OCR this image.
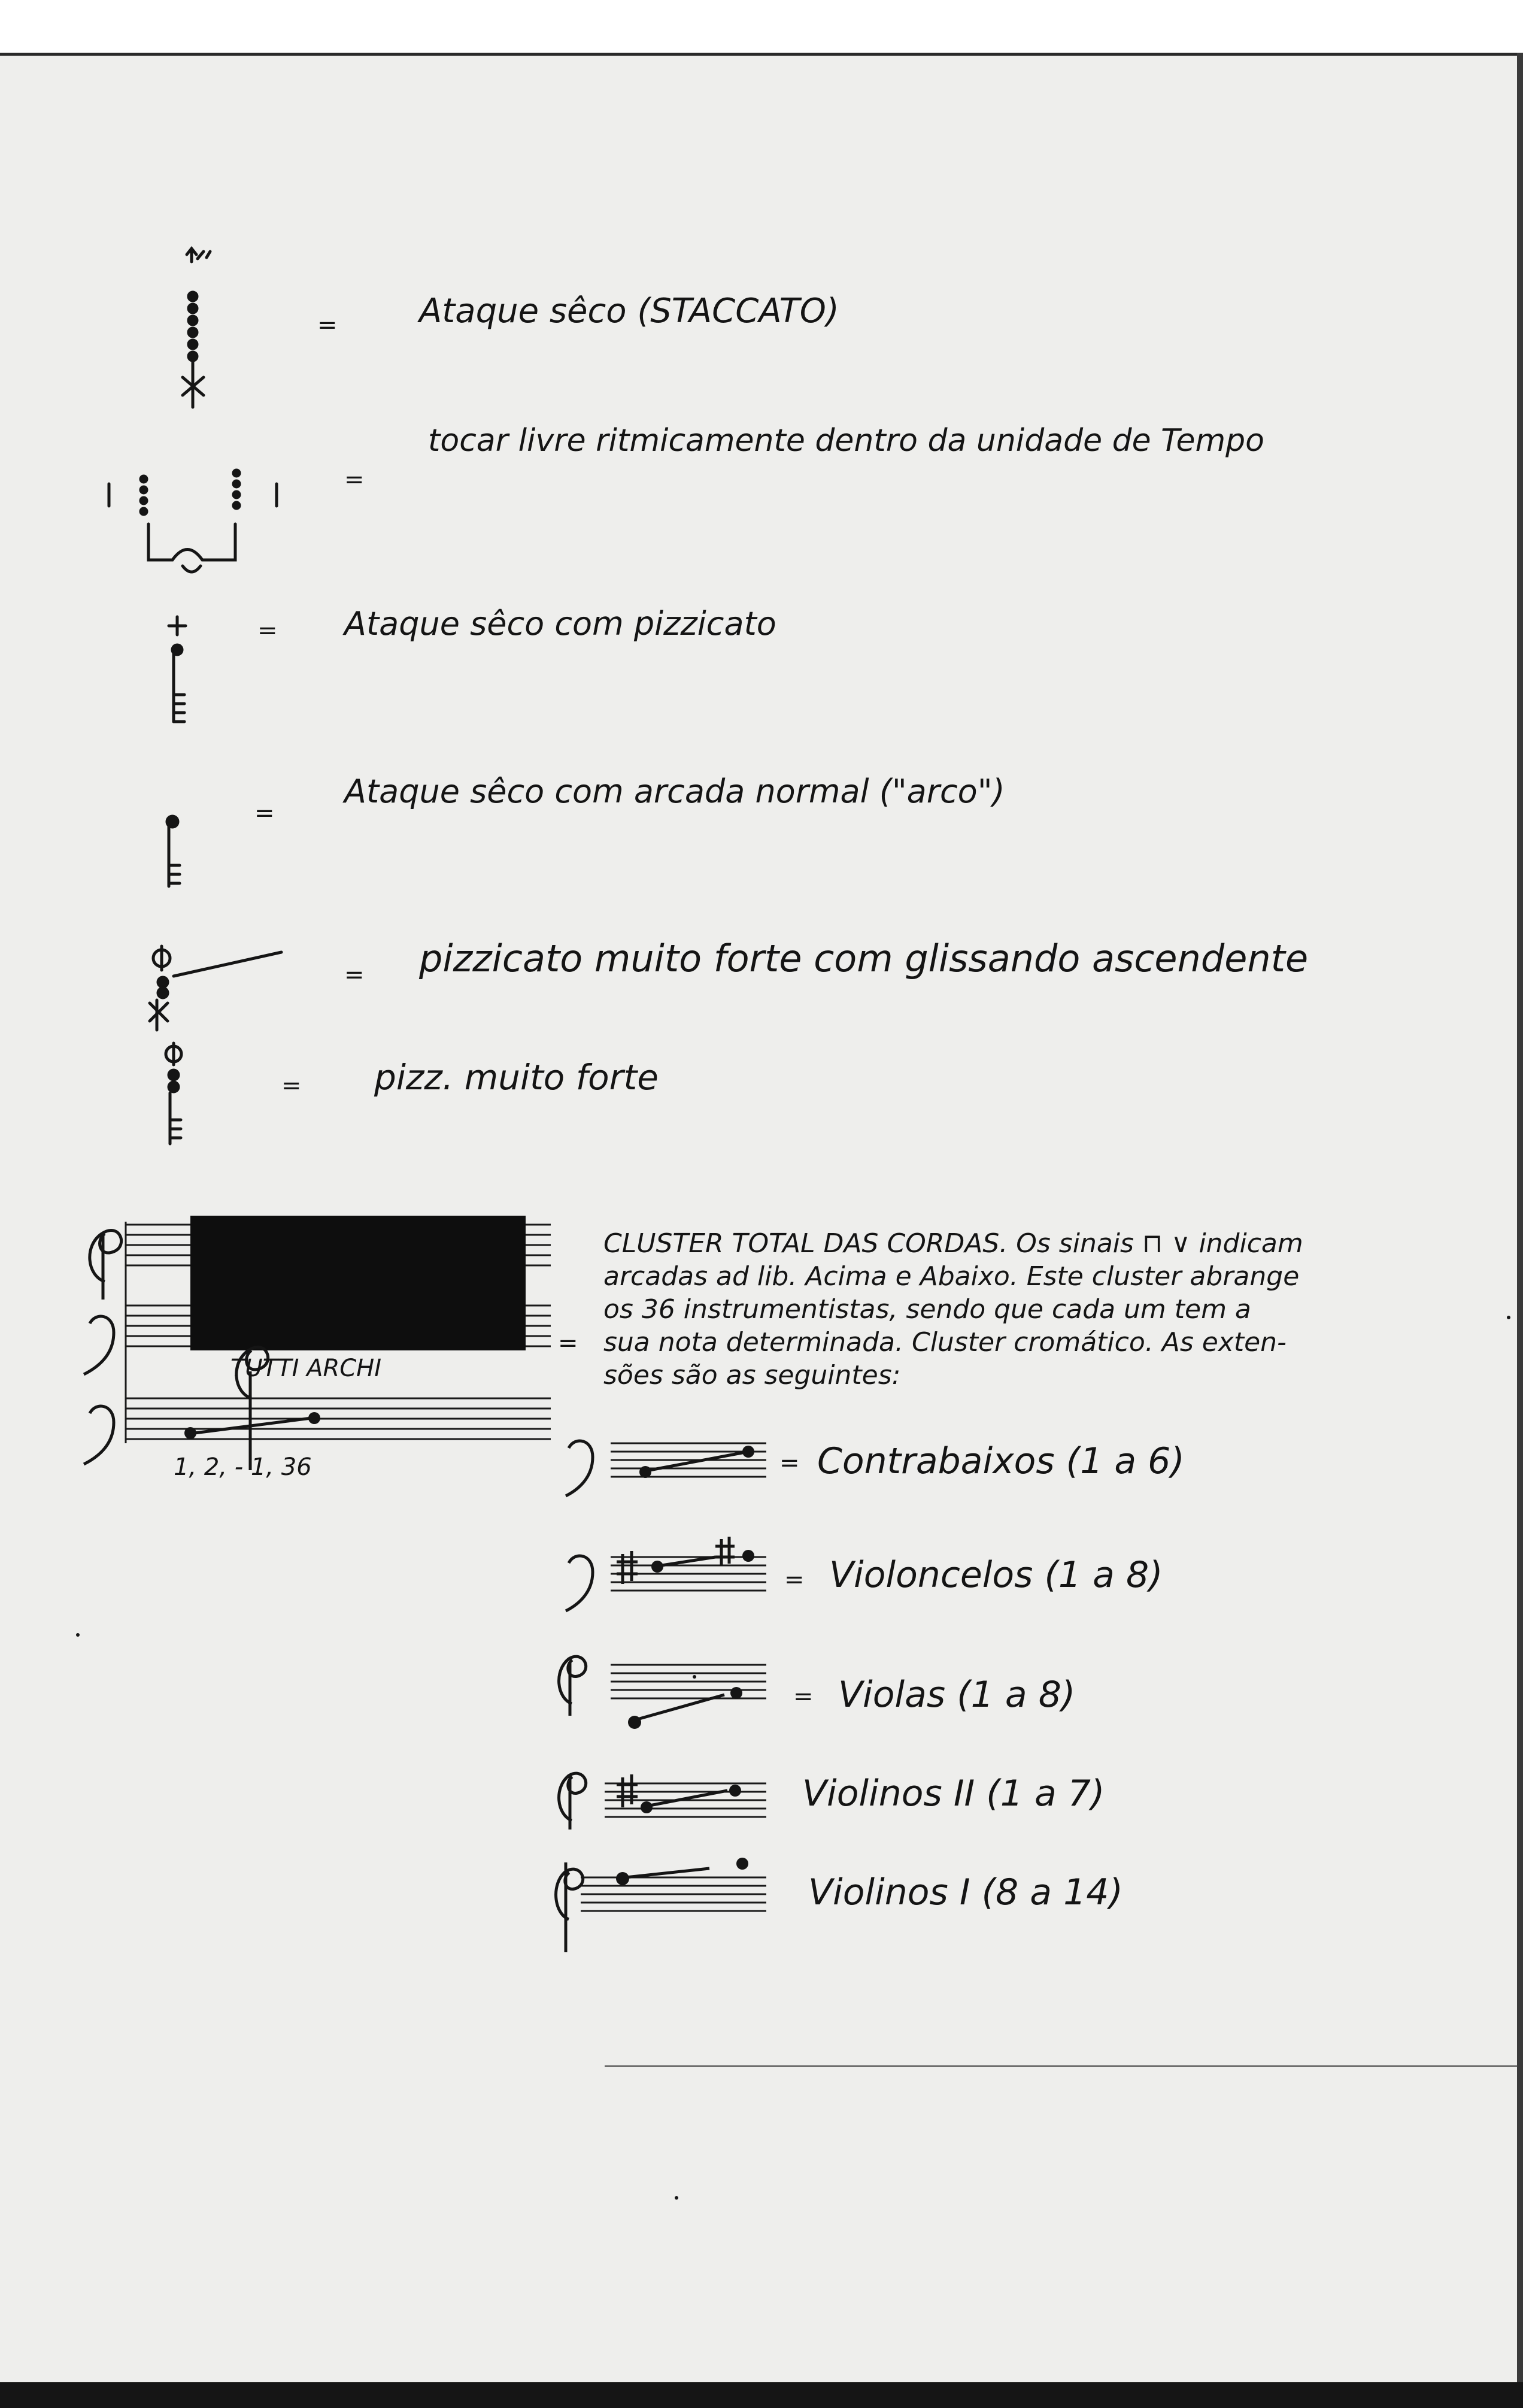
= Ataque sêco (STACCATO)
=
tocar livre ritmicamente dentro da unidade de Tempo
= Ataque sêco com pizzicato
=
Ataque sêco com arcada normal ("arco")
= pizzicato muito forte com glissando ascendente
= pizz. muito forte
TUTTI ARCHI
1, 2, - 1, 36
=
CLUSTER TOTAL DAS CORDAS. Os sinais ⊓ ∨ indicam
arcadas ad lib. Acima e Abaixo. Este cluster abrange
os 36 instrumentistas, sendo que cada um tem a
sua nota determinada. Cluster cromático. As exten-
sões são as seguintes:
= Contrabaixos (1 a 6)
= Violoncelos (1 a 8)
= Violas (1 a 8)
Violinos II (1 a 7)
Violinos I (8 a 14)
